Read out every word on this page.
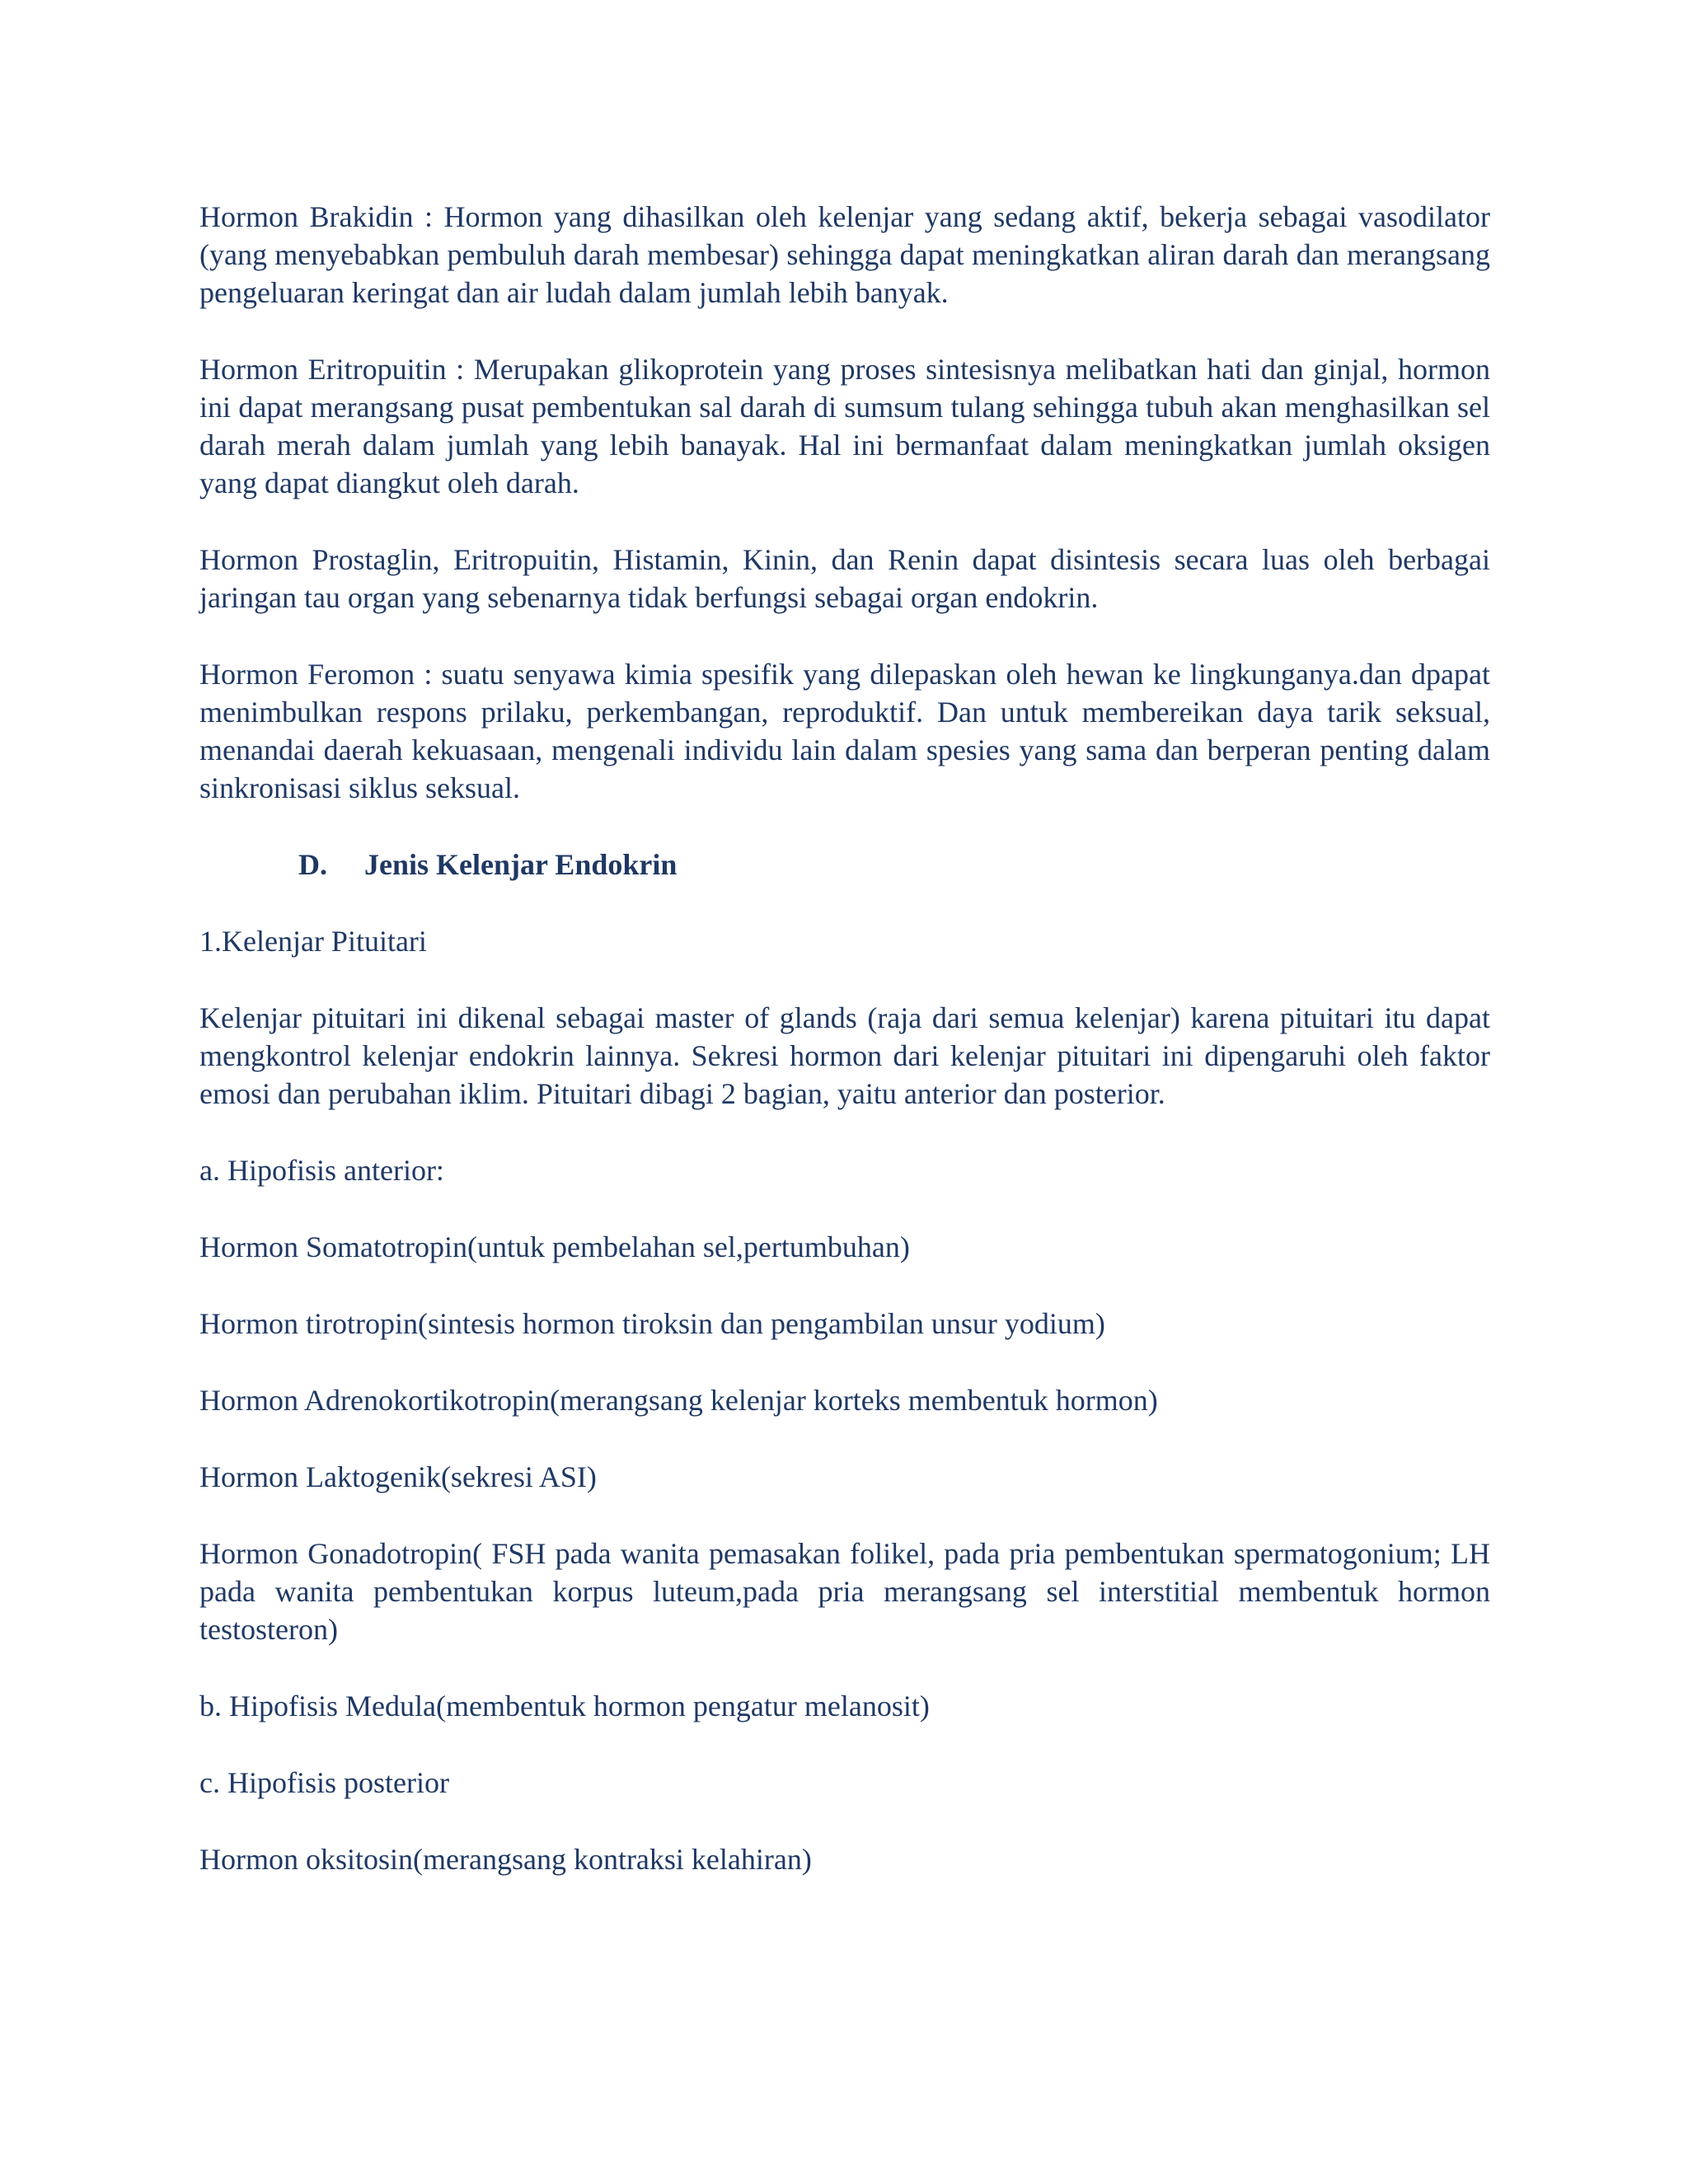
Hormon Brakidin : Hormon yang dihasilkan oleh kelenjar yang sedang aktif, bekerja sebagai vasodilator (yang menyebabkan pembuluh darah membesar) sehingga dapat meningkatkan aliran darah dan merangsang pengeluaran keringat dan air ludah dalam jumlah lebih banyak.

Hormon Eritropuitin : Merupakan glikoprotein yang proses sintesisnya melibatkan hati dan ginjal, hormon ini dapat merangsang pusat pembentukan sal darah di sumsum tulang sehingga tubuh akan menghasilkan sel darah merah dalam jumlah yang lebih banayak. Hal ini bermanfaat dalam meningkatkan jumlah oksigen yang dapat diangkut oleh darah.

Hormon Prostaglin, Eritropuitin, Histamin, Kinin, dan Renin dapat disintesis secara luas oleh berbagai jaringan tau organ yang sebenarnya tidak berfungsi sebagai organ endokrin.

Hormon Feromon : suatu senyawa kimia spesifik yang dilepaskan oleh hewan ke lingkunganya.dan dpapat menimbulkan respons prilaku, perkembangan, reproduktif. Dan untuk membereikan daya tarik seksual, menandai daerah kekuasaan, mengenali individu lain dalam spesies yang sama dan berperan penting dalam sinkronisasi siklus seksual.

D. Jenis Kelenjar Endokrin

1.Kelenjar Pituitari

Kelenjar pituitari ini dikenal sebagai master of glands (raja dari semua kelenjar) karena pituitari itu dapat mengkontrol kelenjar endokrin lainnya. Sekresi hormon dari kelenjar pituitari ini dipengaruhi oleh faktor emosi dan perubahan iklim. Pituitari dibagi 2 bagian, yaitu anterior dan posterior.

a. Hipofisis anterior:

Hormon Somatotropin(untuk pembelahan sel,pertumbuhan)

Hormon tirotropin(sintesis hormon tiroksin dan pengambilan unsur yodium)

Hormon Adrenokortikotropin(merangsang kelenjar korteks membentuk hormon)

Hormon Laktogenik(sekresi ASI)

Hormon Gonadotropin( FSH pada wanita pemasakan folikel, pada pria pembentukan spermatogonium; LH pada wanita pembentukan korpus luteum,pada pria merangsang sel interstitial membentuk hormon testosteron)

b. Hipofisis Medula(membentuk hormon pengatur melanosit)

c. Hipofisis posterior

Hormon oksitosin(merangsang kontraksi kelahiran)
